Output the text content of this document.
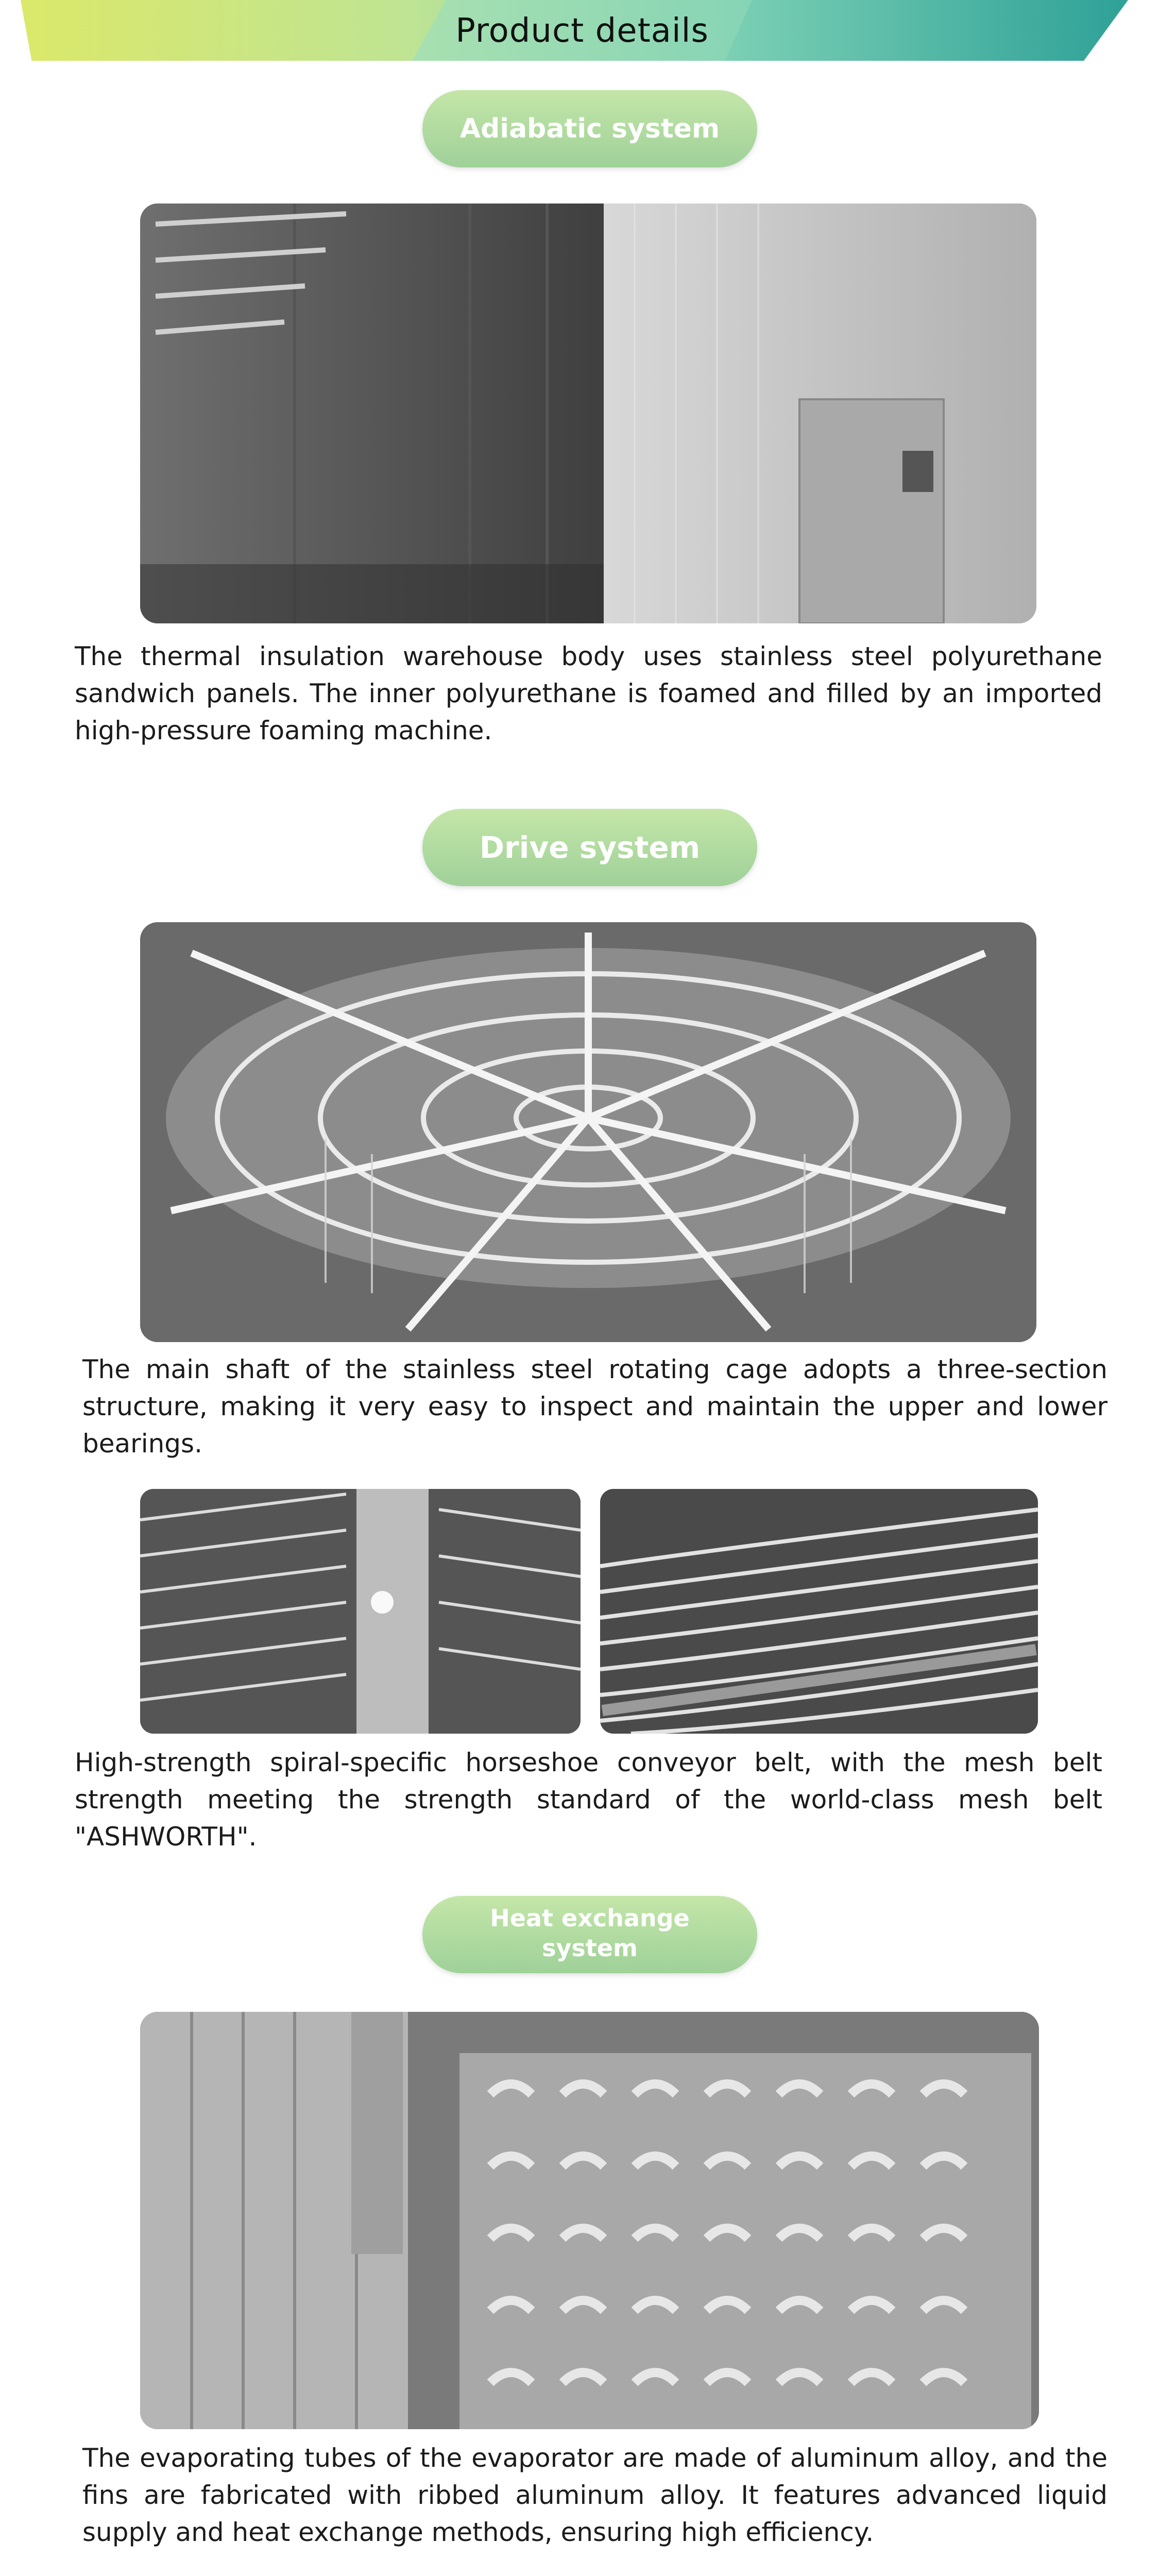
Product details
Adiabatic system
The thermal insulation warehouse body uses stainless steel polyurethane sandwich panels. The inner polyurethane is foamed and filled by an imported high-pressure foaming machine.
Drive system
The main shaft of the stainless steel rotating cage adopts a three-section structure, making it very easy to inspect and maintain the upper and lower bearings.
High-strength spiral-specific horseshoe conveyor belt, with the mesh belt strength meeting the strength standard of the world-class mesh belt "ASHWORTH".
Heat exchange
system
The evaporating tubes of the evaporator are made of aluminum alloy, and the fins are fabricated with ribbed aluminum alloy. It features advanced liquid supply and heat exchange methods, ensuring high efficiency.
